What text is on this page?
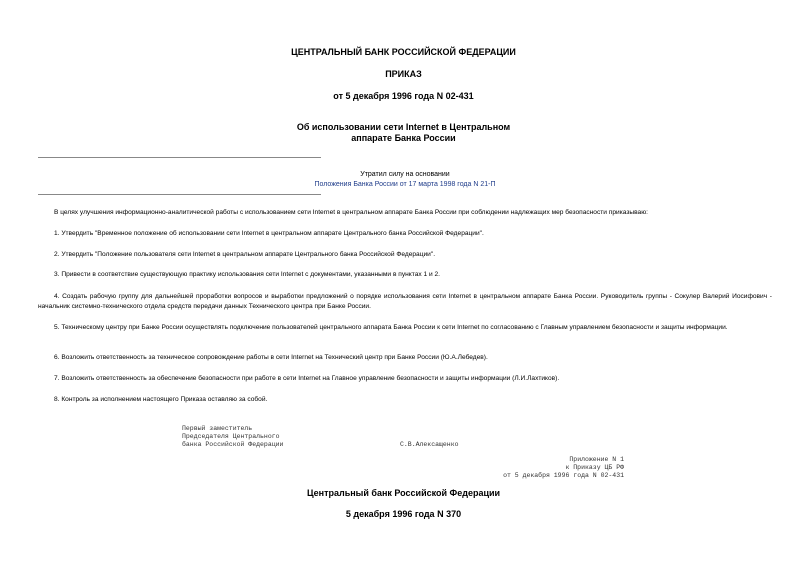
ЦЕНТРАЛЬНЫЙ БАНК РОССИЙСКОЙ ФЕДЕРАЦИИ
ПРИКАЗ
от 5 декабря 1996 года N 02-431
Об использовании сети Internet в Центральном
аппарате Банка России
Утратил силу на основании
Положения Банка России от 17 марта 1998 года N 21-П
В целях улучшения информационно-аналитической работы с использованием сети Internet в центральном аппарате Банка России при соблюдении надлежащих мер безопасности приказываю:
1. Утвердить "Временное положение об использовании сети Internet в центральном аппарате Центрального банка Российской Федерации".
2. Утвердить "Положение пользователя сети Internet в центральном аппарате Центрального банка Российской Федерации".
3. Привести в соответствие существующую практику использования сети Internet с документами, указанными в пунктах 1 и 2.
4. Создать рабочую группу для дальнейшей проработки вопросов и выработки предложений о порядке использования сети Internet в центральном аппарате Банка России. Руководитель группы - Сокулер Валерий Иосифович - начальник системно-технического отдела средств передачи данных Технического центра при Банке России.
5. Техническому центру при Банке России осуществлять подключение пользователей центрального аппарата Банка России к сети Internet по согласованию с Главным управлением безопасности и защиты информации.
6. Возложить ответственность за техническое сопровождение работы в сети Internet на Технический центр при Банке России (Ю.А.Лебедев).
7. Возложить ответственность за обеспечение безопасности при работе в сети Internet на Главное управление безопасности и защиты информации (Л.И.Лахтиков).
8. Контроль за исполнением настоящего Приказа оставляю за собой.
Первый заместитель
Председателя Центрального
банка Российской Федерации	С.В.Алексащенко
Приложение N 1
к Приказу ЦБ РФ
от 5 декабря 1996 года N 02-431
Центральный банк Российской Федерации
5 декабря 1996 года N 370
